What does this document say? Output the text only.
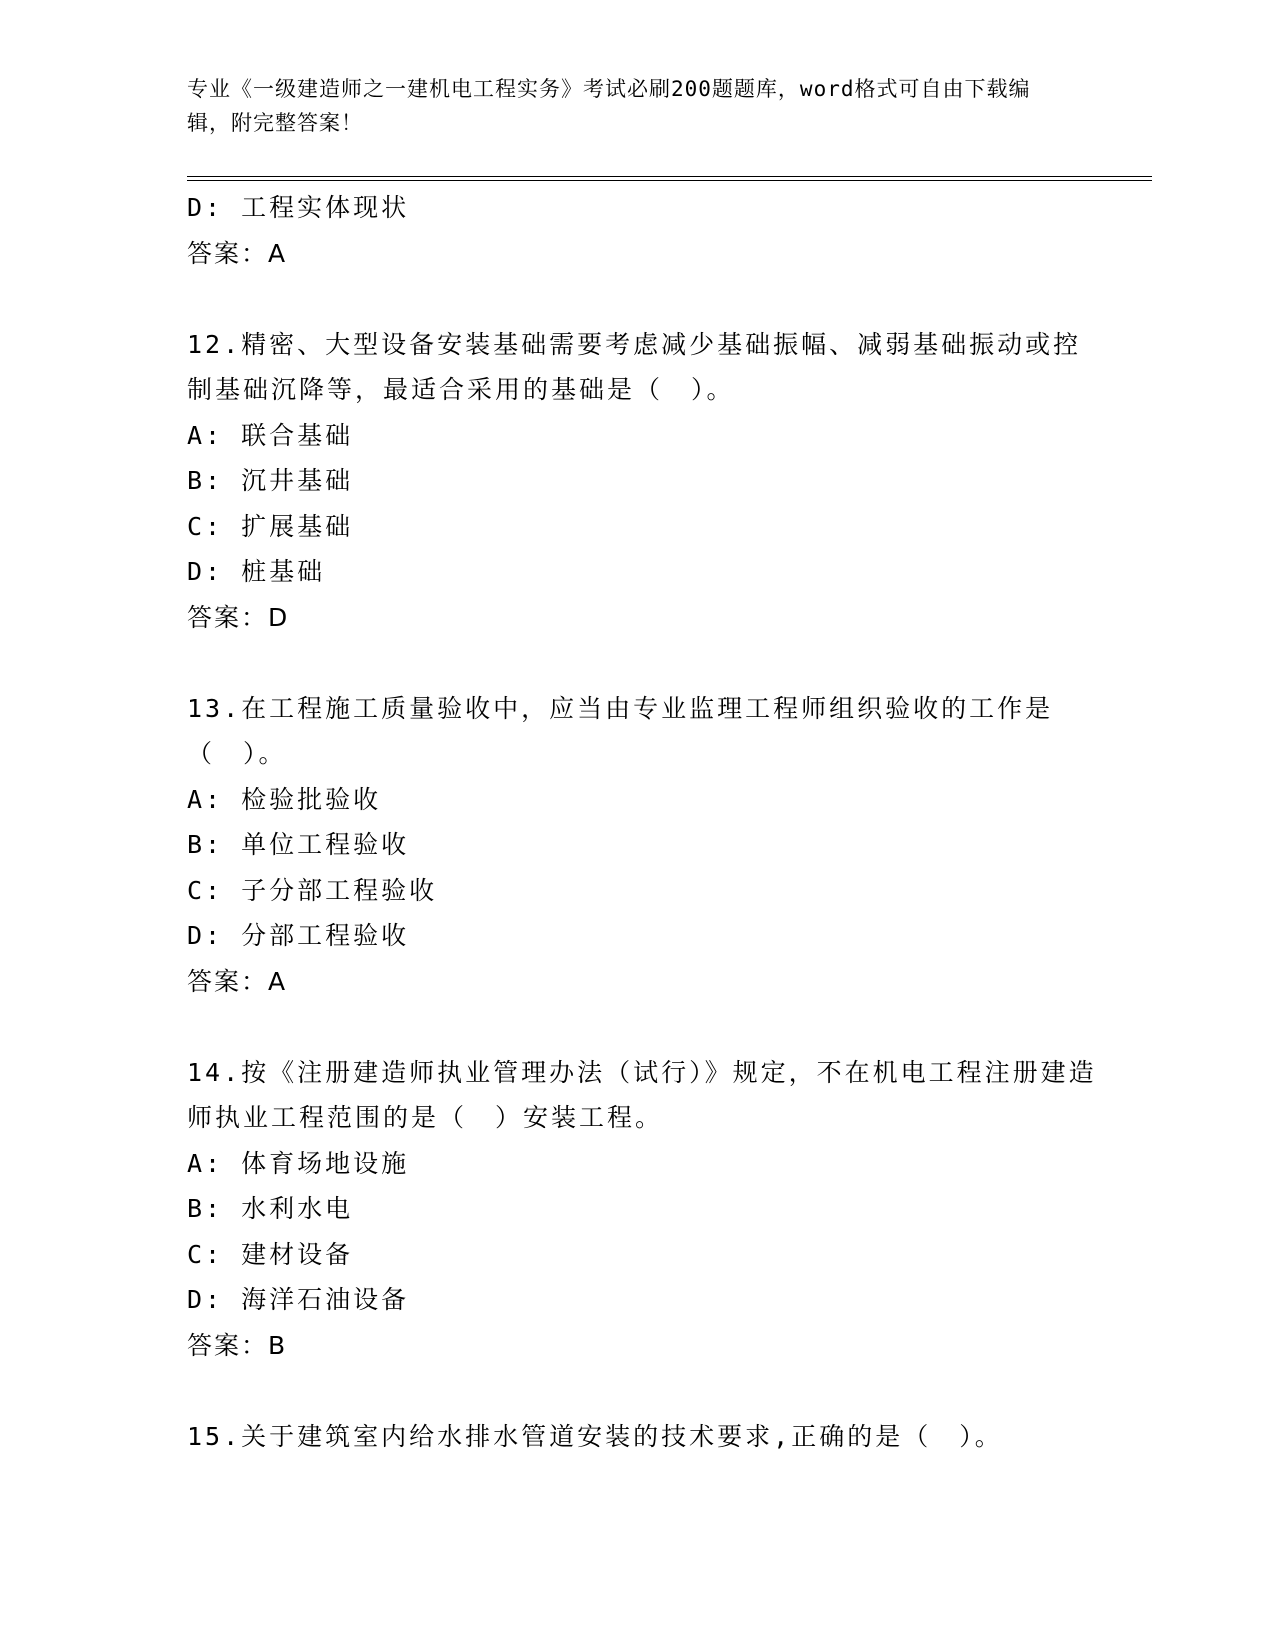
专业《一级建造师之一建机电工程实务》考试必刷200题题库，word格式可自由下载编辑，附完整答案！
D: 工程实体现状
答案：A
12.精密、大型设备安装基础需要考虑减少基础振幅、减弱基础振动或控制基础沉降等，最适合采用的基础是（　）。
A: 联合基础
B: 沉井基础
C: 扩展基础
D: 桩基础
答案：D
13.在工程施工质量验收中，应当由专业监理工程师组织验收的工作是（　）。
A: 检验批验收
B: 单位工程验收
C: 子分部工程验收
D: 分部工程验收
答案：A
14.按《注册建造师执业管理办法（试行）》规定，不在机电工程注册建造师执业工程范围的是（　）安装工程。
A: 体育场地设施
B: 水利水电
C: 建材设备
D: 海洋石油设备
答案：B
15.关于建筑室内给水排水管道安装的技术要求,正确的是（　）。
